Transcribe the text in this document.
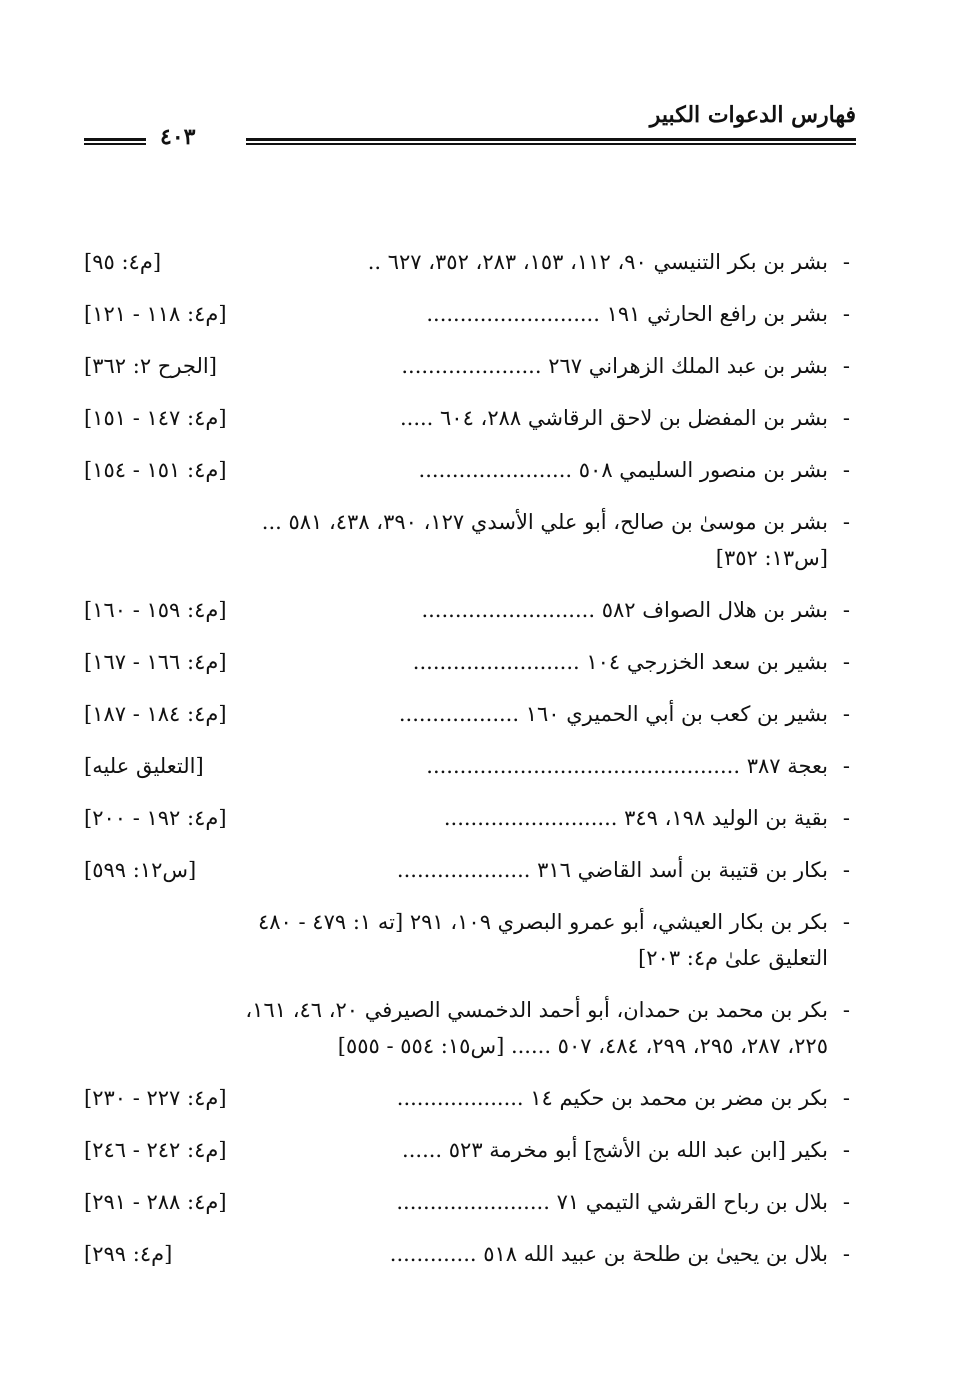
فهارس الدعوات الكبير
٤٠٣
-
بشر بن بكر التنيسي ٩٠، ١١٢، ١٥٣، ٢٨٣، ٣٥٢، ٦٢٧ ..
[م٤: ٩٥]
-
بشر بن رافع الحارثي ١٩١ ..........................
[م٤: ١١٨ - ١٢١]
-
بشر بن عبد الملك الزهراني ٢٦٧ .....................
[الجرح ٢: ٣٦٢]
-
بشر بن المفضل بن لاحق الرقاشي ٢٨٨، ٦٠٤ .....
[م٤: ١٤٧ - ١٥١]
-
بشر بن منصور السليمي ٥٠٨ .......................
[م٤: ١٥١ - ١٥٤]
-
بشر بن موسىٰ بن صالح، أبو علي الأسدي ١٢٧، ٣٩٠، ٤٣٨، ٥٨١ ...
[س١٣: ٣٥٢]
-
بشر بن هلال الصواف ٥٨٢ ..........................
[م٤: ١٥٩ - ١٦٠]
-
بشير بن سعد الخزرجي ١٠٤ .........................
[م٤: ١٦٦ - ١٦٧]
-
بشير بن كعب بن أبي الحميري ١٦٠ ..................
[م٤: ١٨٤ - ١٨٧]
-
بعجة ٣٨٧ ...............................................
[التعليق عليه]
-
بقية بن الوليد ١٩٨، ٣٤٩ ..........................
[م٤: ١٩٢ - ٢٠٠]
-
بكار بن قتيبة بن أسد القاضي ٣١٦ ....................
[س١٢: ٥٩٩]
-
بكر بن بكار العيشي، أبو عمرو البصري ١٠٩، ٢٩١ [ته ١: ٤٧٩ - ٤٨٠
التعليق علىٰ م٤: ٢٠٣]
-
بكر بن محمد بن حمدان، أبو أحمد الدخمسي الصيرفي ٢٠، ٤٦، ١٦١،
٢٢٥، ٢٨٧، ٢٩٥، ٢٩٩، ٤٨٤، ٥٠٧ ...... [س١٥: ٥٥٤ - ٥٥٥]
-
بكر بن مضر بن محمد بن حكيم ١٤ ...................
[م٤: ٢٢٧ - ٢٣٠]
-
بكير [ابن عبد الله بن الأشج] أبو مخرمة ٥٢٣ ......
[م٤: ٢٤٢ - ٢٤٦]
-
بلال بن رباح القرشي التيمي ٧١ .......................
[م٤: ٢٨٨ - ٢٩١]
-
بلال بن يحيىٰ بن طلحة بن عبيد الله ٥١٨ .............
[م٤: ٢٩٩]
